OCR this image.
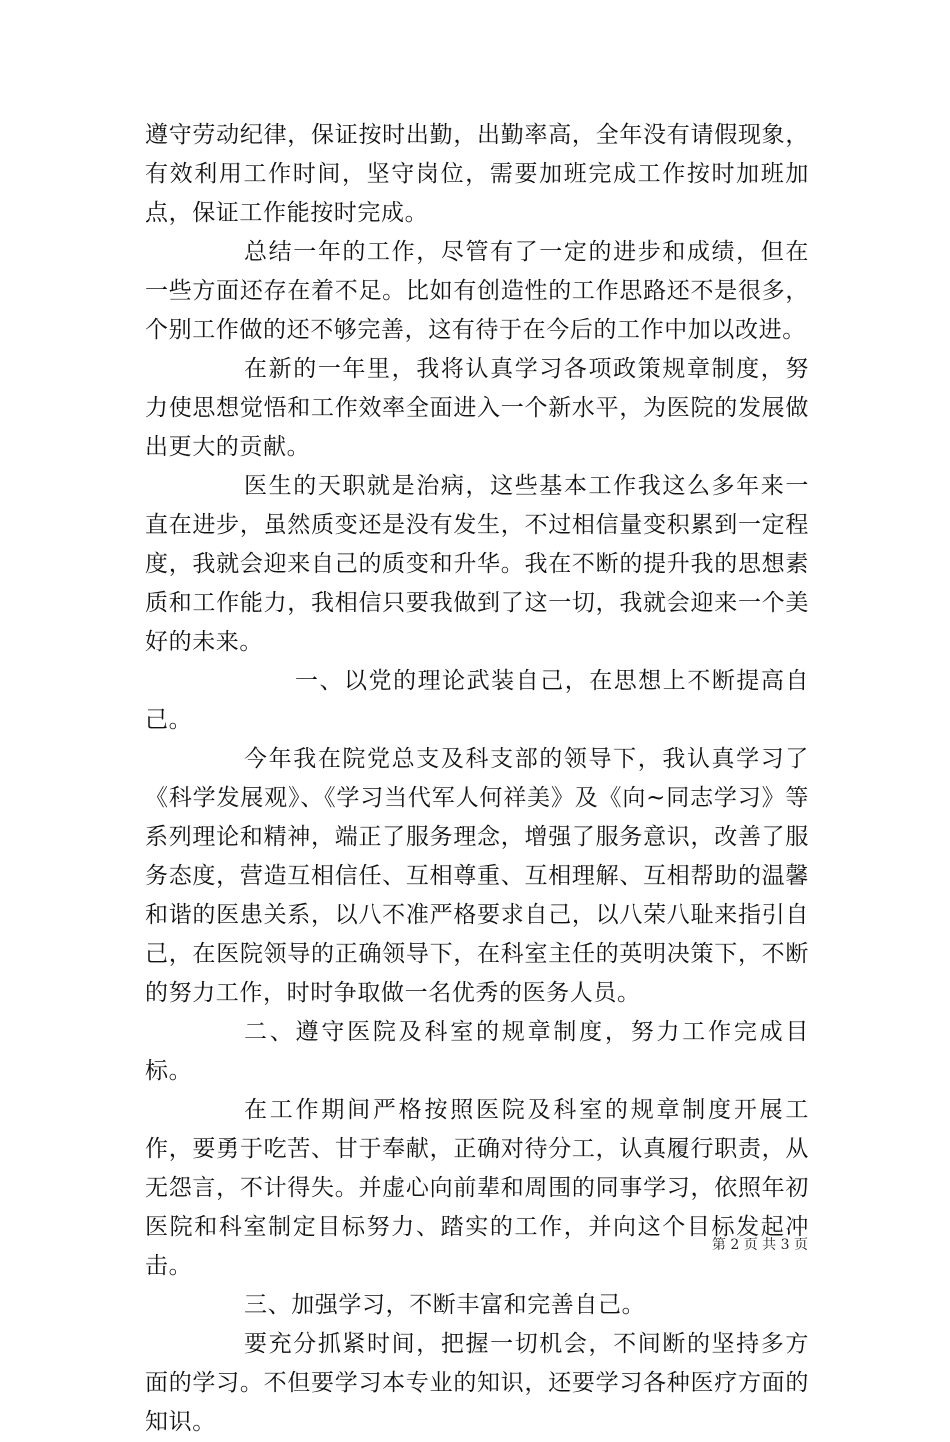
遵守劳动纪律，保证按时出勤，出勤率高，全年没有请假现象，有效利用工作时间，坚守岗位，需要加班完成工作按时加班加点，保证工作能按时完成。

总结一年的工作，尽管有了一定的进步和成绩，但在一些方面还存在着不足。比如有创造性的工作思路还不是很多，个别工作做的还不够完善，这有待于在今后的工作中加以改进。

在新的一年里，我将认真学习各项政策规章制度，努力使思想觉悟和工作效率全面进入一个新水平，为医院的发展做出更大的贡献。

医生的天职就是治病，这些基本工作我这么多年来一直在进步，虽然质变还是没有发生，不过相信量变积累到一定程度，我就会迎来自己的质变和升华。我在不断的提升我的思想素质和工作能力，我相信只要我做到了这一切，我就会迎来一个美好的未来。

一、以党的理论武装自己，在思想上不断提高自己。

今年我在院党总支及科支部的领导下，我认真学习了《科学发展观》、《学习当代军人何祥美》及《向~同志学习》等系列理论和精神，端正了服务理念，增强了服务意识，改善了服务态度，营造互相信任、互相尊重、互相理解、互相帮助的温馨和谐的医患关系，以八不准严格要求自己，以八荣八耻来指引自己，在医院领导的正确领导下，在科室主任的英明决策下，不断的努力工作，时时争取做一名优秀的医务人员。

二、遵守医院及科室的规章制度，努力工作完成目标。

在工作期间严格按照医院及科室的规章制度开展工作，要勇于吃苦、甘于奉献，正确对待分工，认真履行职责，从无怨言，不计得失。并虚心向前辈和周围的同事学习，依照年初医院和科室制定目标努力、踏实的工作，并向这个目标发起冲击。

三、加强学习，不断丰富和完善自己。

要充分抓紧时间，把握一切机会，不间断的坚持多方面的学习。不但要学习本专业的知识，还要学习各种医疗方面的知识。

第 2 页 共 3 页
